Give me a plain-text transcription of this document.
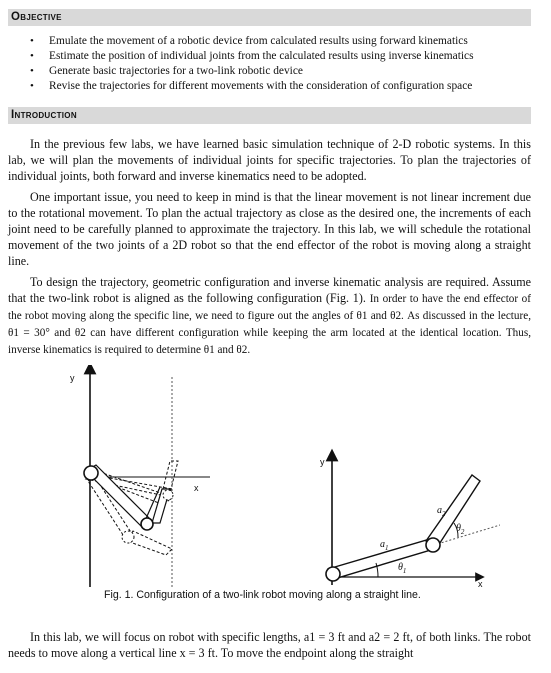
Objective
• Emulate the movement of a robotic device from calculated results using forward kinematics
• Estimate the position of individual joints from the calculated results using inverse kinematics
• Generate basic trajectories for a two-link robotic device
• Revise the trajectories for different movements with the consideration of configuration space
Introduction

In the previous few labs, we have learned basic simulation technique of 2-D robotic systems. In this lab, we will plan the movements of individual joints for specific trajectories. To plan the trajectories of individual joints, both forward and inverse kinematics need to be adopted.

One important issue, you need to keep in mind is that the linear movement is not linear increment due to the rotational movement. To plan the actual trajectory as close as the desired one, the increments of each joint need to be carefully planned to approximate the trajectory. In this lab, we will schedule the rotational movement of the two joints of a 2D robot so that the end effector of the robot is moving along a straight line.

To design the trajectory, geometric configuration and inverse kinematic analysis are required. Assume that the two-link robot is aligned as the following configuration (Fig. 1). In order to have the end effector of the robot moving along the specific line, we need to figure out the angles of θ1 and θ2. As discussed in the lecture, θ1 = 30° and θ2 can have different configuration while keeping the arm located at the identical location. Thus, inverse kinematics is required to determine θ1 and θ2.

y
x
y
x
$a_1$
$a_2$
$\theta_1$
$\theta_2$
Fig. 1. Configuration of a two-link robot moving along a straight line.

In this lab, we will focus on robot with specific lengths, a1 = 3 ft and a2 = 2 ft, of both links. The robot needs to move along a vertical line x = 3 ft. To move the endpoint along the straight
